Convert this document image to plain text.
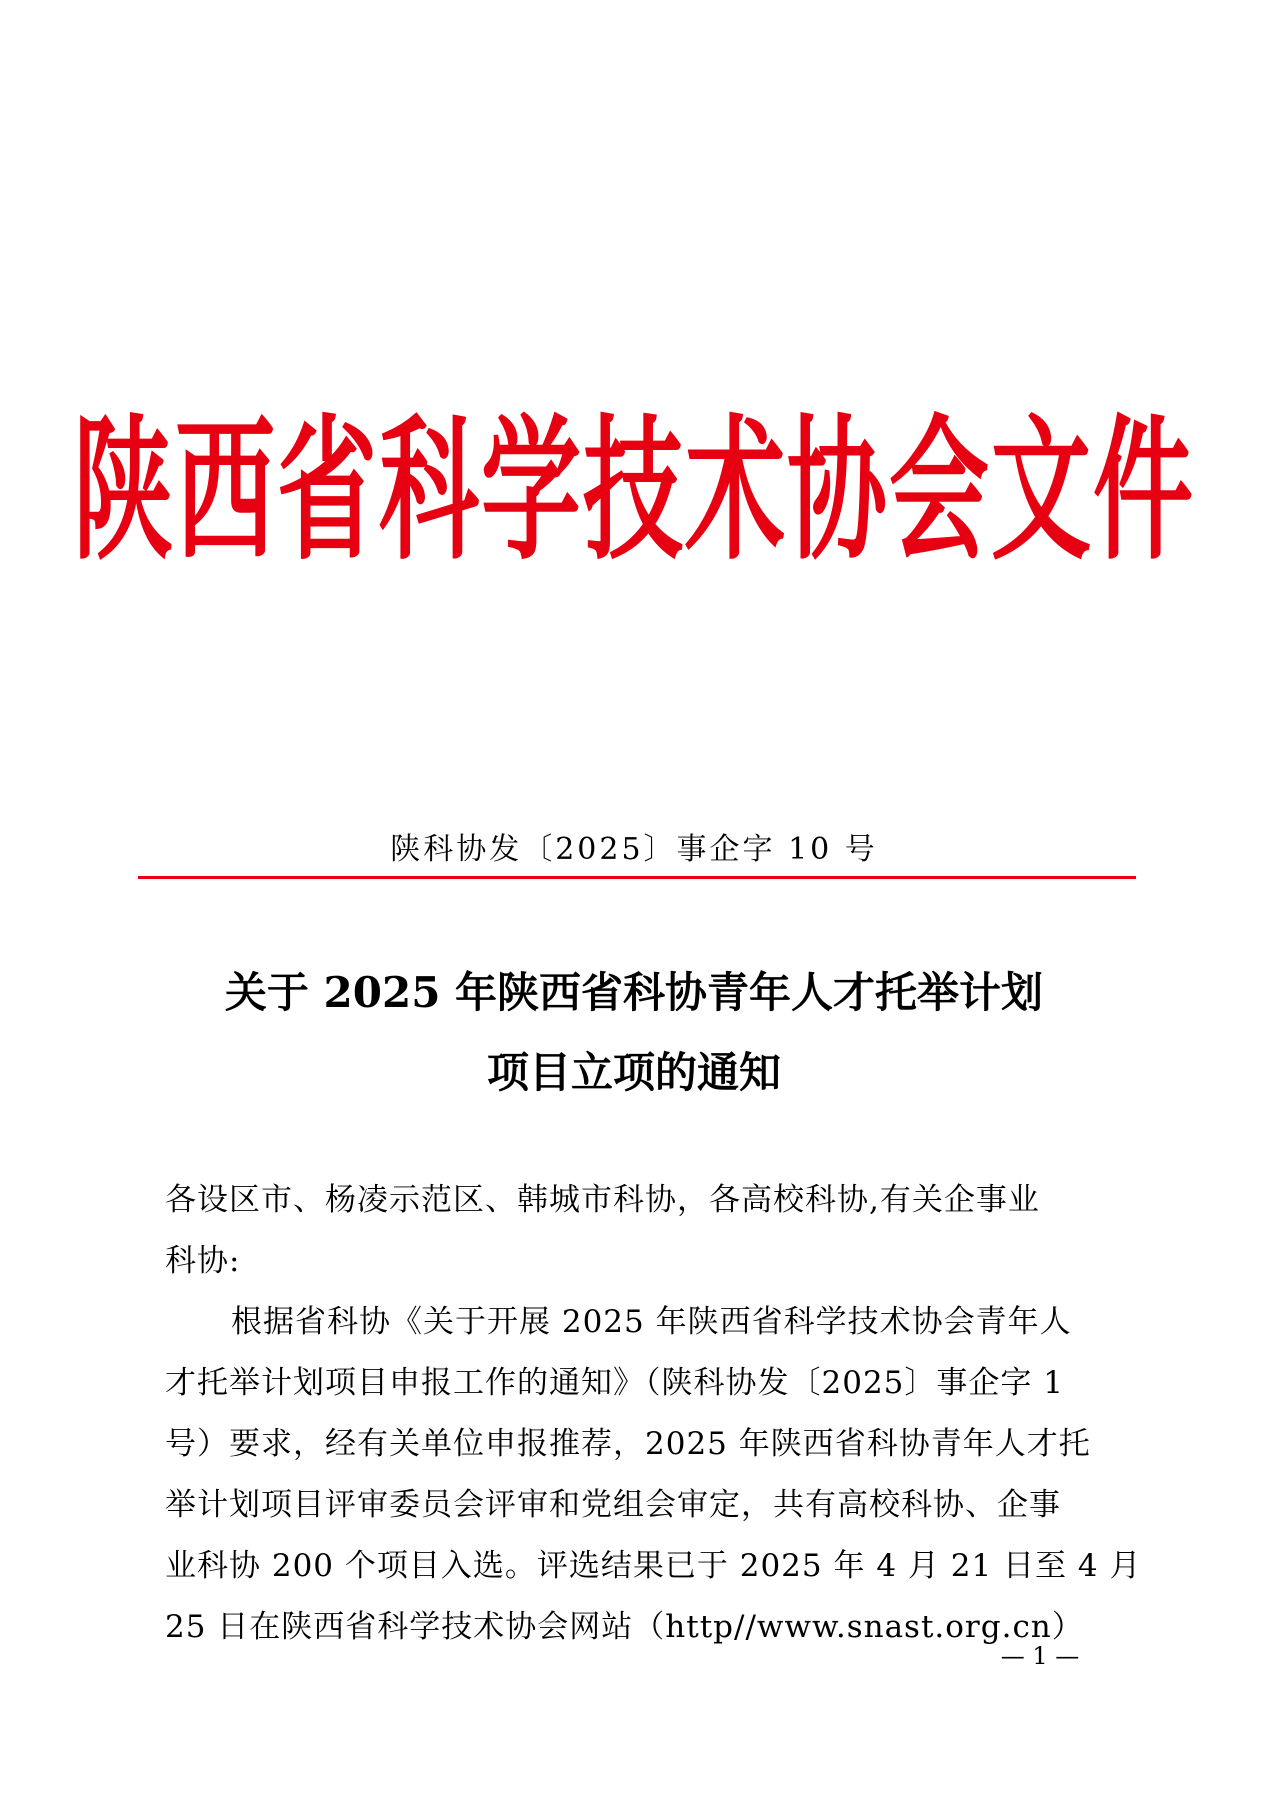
陕西省科学技术协会文件
陕科协发〔2025〕事企字 10 号
关于 2025 年陕西省科协青年人才托举计划
项目立项的通知
各设区市、杨凌示范区、韩城市科协，各高校科协,有关企事业
科协:
根据省科协《关于开展 2025 年陕西省科学技术协会青年人
才托举计划项目申报工作的通知》（陕科协发〔2025〕事企字 1
号）要求，经有关单位申报推荐，2025 年陕西省科协青年人才托
举计划项目评审委员会评审和党组会审定，共有高校科协、企事
业科协 200 个项目入选。评选结果已于 2025 年 4 月 21 日至 4 月
25 日在陕西省科学技术协会网站（http//www.snast.org.cn）
— 1 —
